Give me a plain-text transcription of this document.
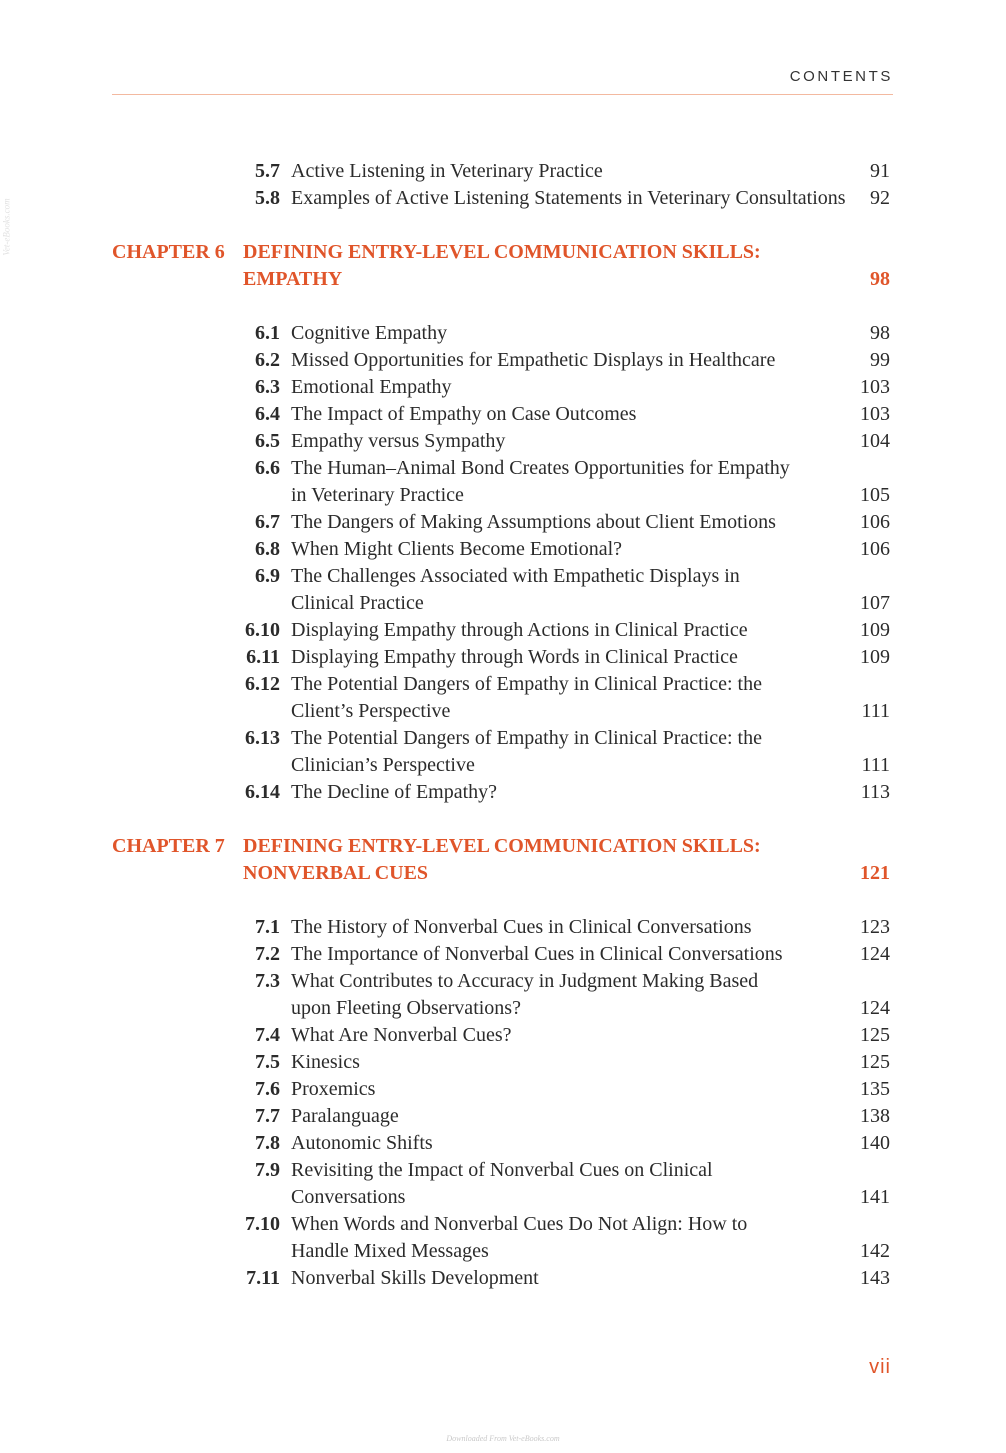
CONTENTS
Vet-eBooks.com
5.7 Active Listening in Veterinary Practice	91
5.8 Examples of Active Listening Statements in Veterinary Consultations 92
CHAPTER 6 DEFINING ENTRY-LEVEL COMMUNICATION SKILLS:
EMPATHY	98
6.1 Cognitive Empathy	98
6.2 Missed Opportunities for Empathetic Displays in Healthcare	99
6.3 Emotional Empathy	103
6.4 The Impact of Empathy on Case Outcomes	103
6.5 Empathy versus Sympathy	104
6.6 The Human–Animal Bond Creates Opportunities for Empathy
in Veterinary Practice	105
6.7 The Dangers of Making Assumptions about Client Emotions	106
6.8 When Might Clients Become Emotional?	106
6.9 The Challenges Associated with Empathetic Displays in
Clinical Practice	107
6.10 Displaying Empathy through Actions in Clinical Practice	109
6.11 Displaying Empathy through Words in Clinical Practice	109
6.12 The Potential Dangers of Empathy in Clinical Practice: the
Client’s Perspective	111
6.13 The Potential Dangers of Empathy in Clinical Practice: the
Clinician’s Perspective	111
6.14 The Decline of Empathy?	113
CHAPTER 7 DEFINING ENTRY-LEVEL COMMUNICATION SKILLS:
NONVERBAL CUES	121
7.1 The History of Nonverbal Cues in Clinical Conversations	123
7.2 The Importance of Nonverbal Cues in Clinical Conversations	124
7.3 What Contributes to Accuracy in Judgment Making Based
upon Fleeting Observations?	124
7.4 What Are Nonverbal Cues?	125
7.5 Kinesics	125
7.6 Proxemics	135
7.7 Paralanguage	138
7.8 Autonomic Shifts	140
7.9 Revisiting the Impact of Nonverbal Cues on Clinical
Conversations	141
7.10 When Words and Nonverbal Cues Do Not Align: How to
Handle Mixed Messages	142
7.11 Nonverbal Skills Development	143
vii
Downloaded From Vet-eBooks.com
